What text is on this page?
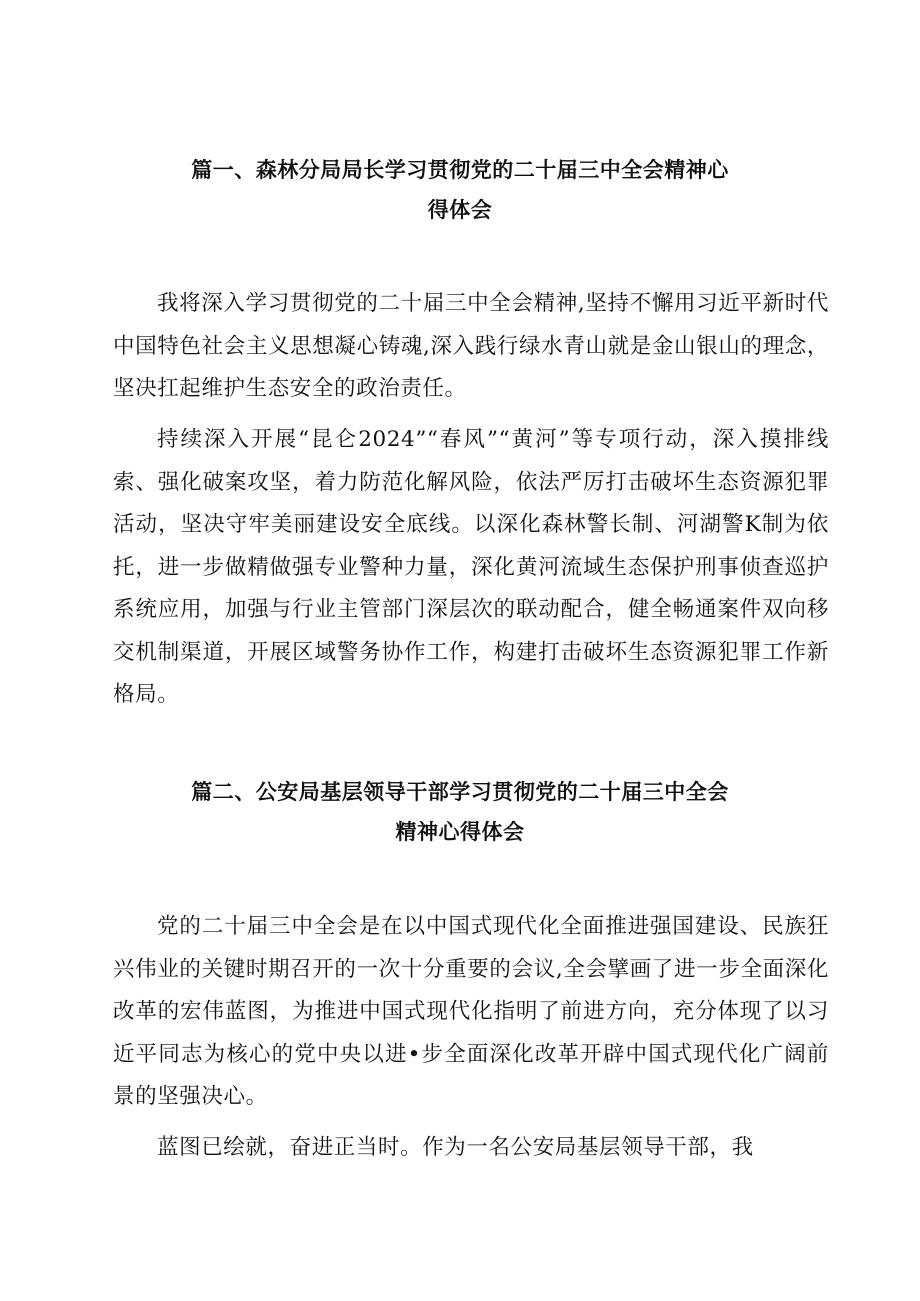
篇一、森林分局局长学习贯彻党的二十届三中全会精神心
得体会

我将深入学习贯彻党的二十届三中全会精神,坚持不懈用习近平新时代中国特色社会主义思想凝心铸魂,深入践行绿水青山就是金山银山的理念，坚决扛起维护生态安全的政治责任。

持续深入开展“昆仑2024”“春风”“黄河”等专项行动，深入摸排线索、强化破案攻坚，着力防范化解风险，依法严厉打击破坏生态资源犯罪活动，坚决守牢美丽建设安全底线。以深化森林警长制、河湖警K制为依托，进一步做精做强专业警种力量，深化黄河流域生态保护刑事侦查巡护系统应用，加强与行业主管部门深层次的联动配合，健全畅通案件双向移交机制渠道，开展区域警务协作工作，构建打击破坏生态资源犯罪工作新格局。

篇二、公安局基层领导干部学习贯彻党的二十届三中全会
精神心得体会

党的二十届三中全会是在以中国式现代化全面推进强国建设、民族狂兴伟业的关键时期召开的一次十分重要的会议,全会擘画了进一步全面深化改革的宏伟蓝图，为推进中国式现代化指明了前进方向，充分体现了以习近平同志为核心的党中央以进•步全面深化改革开辟中国式现代化广阔前景的坚强决心。

蓝图已绘就，奋进正当时。作为一名公安局基层领导干部，我
